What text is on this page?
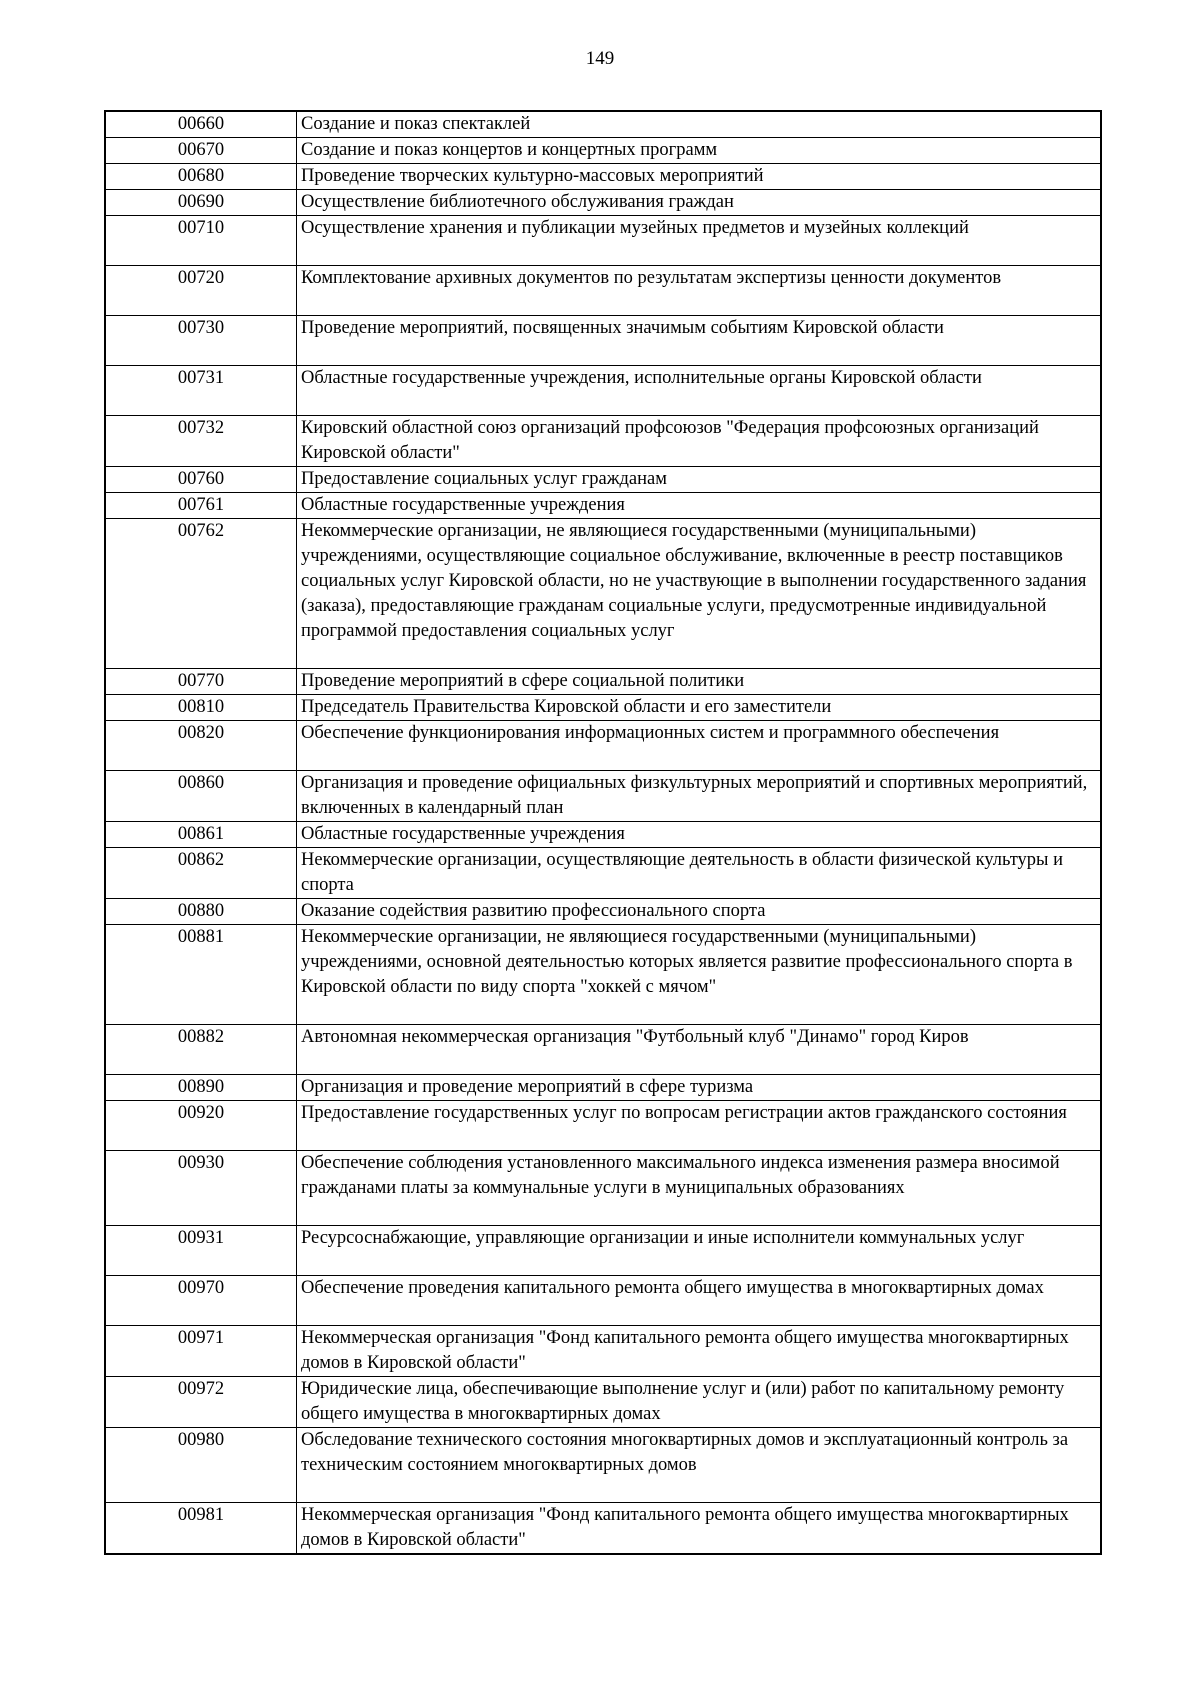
149
00660	Создание и показ спектаклей
00670	Создание и показ концертов и концертных программ
00680	Проведение творческих культурно-массовых мероприятий
00690	Осуществление библиотечного обслуживания граждан
00710	Осуществление хранения и публикации музейных предметов и музейных коллекций
00720	Комплектование архивных документов по результатам экспертизы ценности документов
00730	Проведение мероприятий, посвященных значимым событиям Кировской области
00731	Областные государственные учреждения, исполнительные органы Кировской области
00732	Кировский областной союз организаций профсоюзов "Федерация профсоюзных организаций Кировской области"
00760	Предоставление социальных услуг гражданам
00761	Областные государственные учреждения
00762	Некоммерческие организации, не являющиеся государственными (муниципальными) учреждениями, осуществляющие социальное обслуживание, включенные в реестр поставщиков социальных услуг Кировской области, но не участвующие в выполнении государственного задания (заказа), предоставляющие гражданам социальные услуги, предусмотренные индивидуальной программой предоставления социальных услуг
00770	Проведение мероприятий в сфере социальной политики
00810	Председатель Правительства Кировской области и его заместители
00820	Обеспечение функционирования информационных систем и программного обеспечения
00860	Организация и проведение официальных физкультурных мероприятий и спортивных мероприятий, включенных в календарный план
00861	Областные государственные учреждения
00862	Некоммерческие организации, осуществляющие деятельность в области физической культуры и спорта
00880	Оказание содействия развитию профессионального спорта
00881	Некоммерческие организации, не являющиеся государственными (муниципальными) учреждениями, основной деятельностью которых является развитие профессионального спорта в Кировской области по виду спорта "хоккей с мячом"
00882	Автономная некоммерческая организация "Футбольный клуб "Динамо" город Киров
00890	Организация и проведение мероприятий в сфере туризма
00920	Предоставление государственных услуг по вопросам регистрации актов гражданского состояния
00930	Обеспечение соблюдения установленного максимального индекса изменения размера вносимой гражданами платы за коммунальные услуги в муниципальных образованиях
00931	Ресурсоснабжающие, управляющие организации и иные исполнители коммунальных услуг
00970	Обеспечение проведения капитального ремонта общего имущества в многоквартирных домах
00971	Некоммерческая организация "Фонд капитального ремонта общего имущества многоквартирных домов в Кировской области"
00972	Юридические лица, обеспечивающие выполнение услуг и (или) работ по капитальному ремонту общего имущества в многоквартирных домах
00980	Обследование технического состояния многоквартирных домов и эксплуатационный контроль за техническим состоянием многоквартирных домов
00981	Некоммерческая организация "Фонд капитального ремонта общего имущества многоквартирных домов в Кировской области"
